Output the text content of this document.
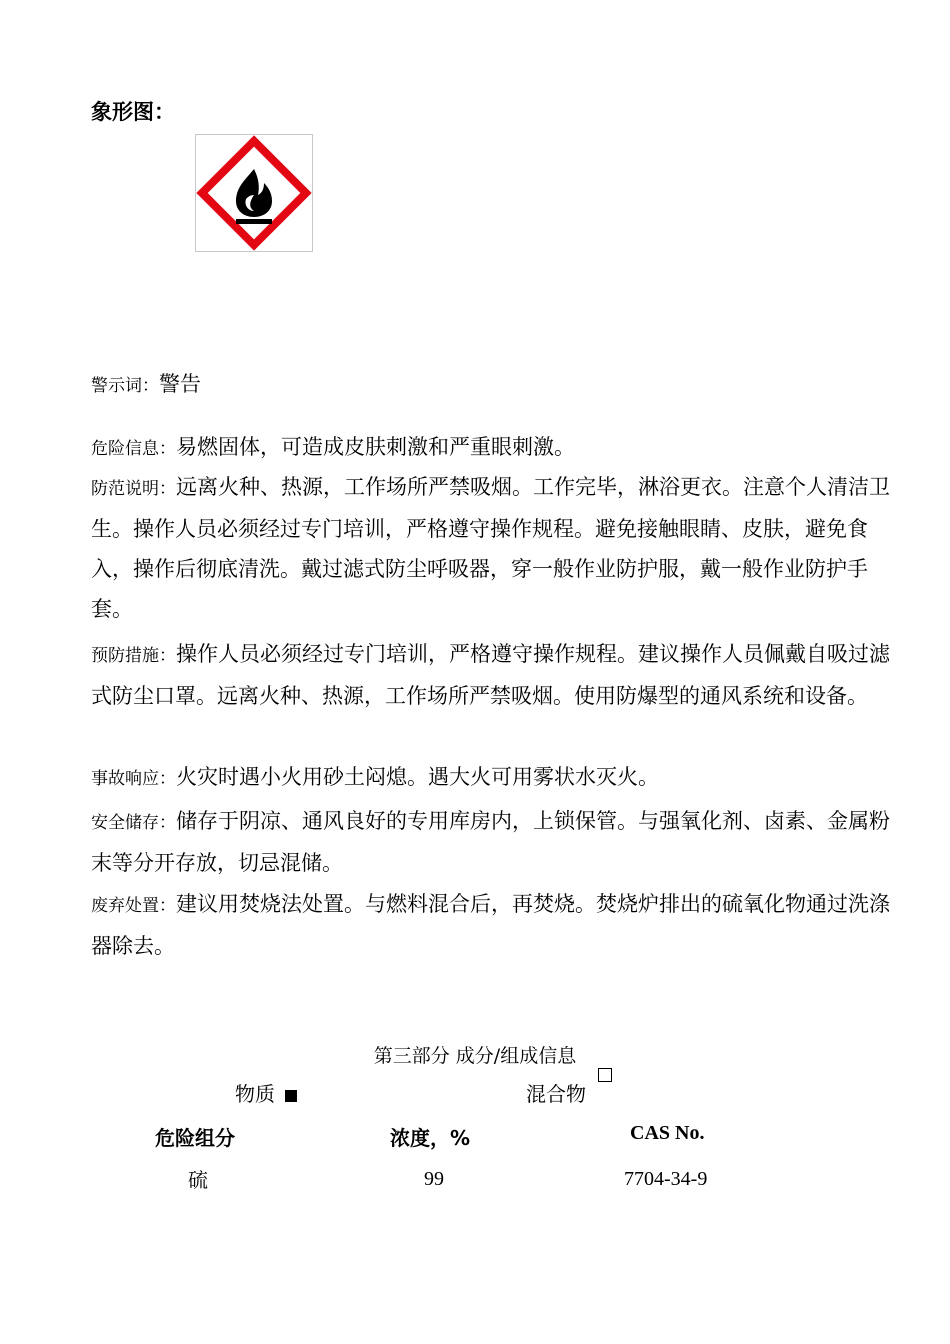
象形图：
警示词：警告
危险信息：易燃固体，可造成皮肤刺激和严重眼刺激。
防范说明：远离火种、热源，工作场所严禁吸烟。工作完毕，淋浴更衣。注意个人清洁卫生。操作人员必须经过专门培训，严格遵守操作规程。避免接触眼睛、皮肤，避免食入，操作后彻底清洗。戴过滤式防尘呼吸器，穿一般作业防护服，戴一般作业防护手套。
预防措施：操作人员必须经过专门培训，严格遵守操作规程。建议操作人员佩戴自吸过滤式防尘口罩。远离火种、热源，工作场所严禁吸烟。使用防爆型的通风系统和设备。
事故响应：火灾时遇小火用砂土闷熄。遇大火可用雾状水灭火。
安全储存：储存于阴凉、通风良好的专用库房内，上锁保管。与强氧化剂、卤素、金属粉末等分开存放，切忌混储。
废弃处置：建议用焚烧法处置。与燃料混合后，再焚烧。焚烧炉排出的硫氧化物通过洗涤器除去。
第三部分 成分/组成信息
物质	混合物
危险组分	浓度，%	CAS No.
硫	99	7704-34-9
